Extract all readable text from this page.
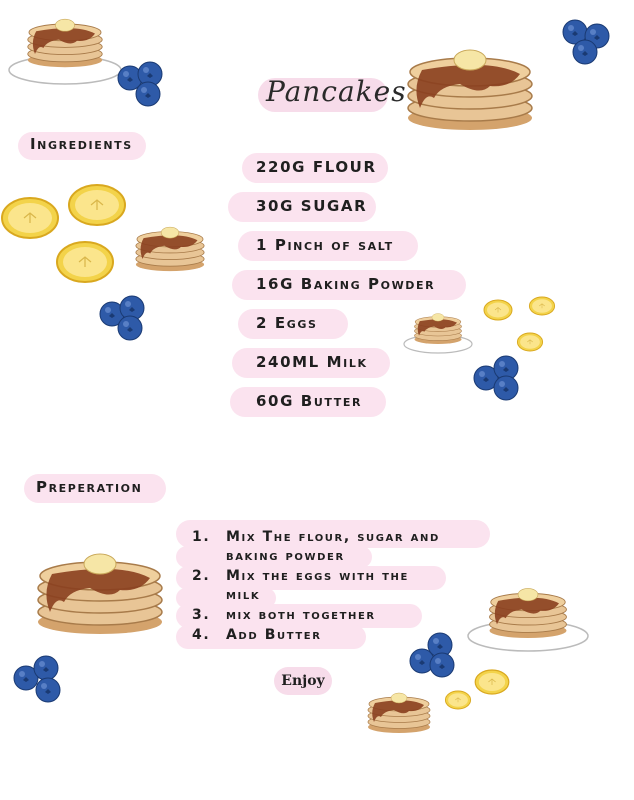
Pancakes
Ingredients
220G FLOUR
30G SUGAR
1 Pinch of salt
16G Baking Powder
2 Eggs
240ML Milk
60G Butter
Preperation
1. Mix The flour, sugar and
baking powder
2. Mix the eggs with the
milk
3. mix both together
4. Add Butter
Enjoy
